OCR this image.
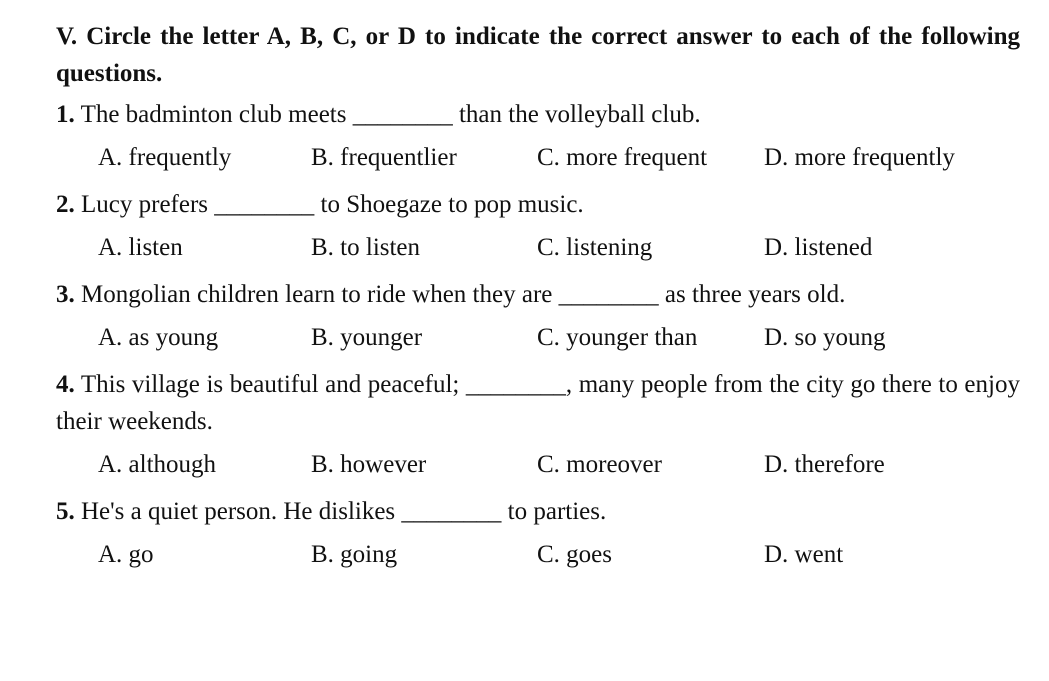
V. Circle the letter A, B, C, or D to indicate the correct answer to each of the following questions.

1. The badminton club meets ________ than the volleyball club.

A. frequently	B. frequentlier	C. more frequent	D. more frequently

2. Lucy prefers ________ to Shoegaze to pop music.

A. listen	B. to listen	C. listening	D. listened

3. Mongolian children learn to ride when they are ________ as three years old.

A. as young	B. younger	C. younger than	D. so young

4. This village is beautiful and peaceful; ________, many people from the city go there to enjoy their weekends.

A. although	B. however	C. moreover	D. therefore

5. He's a quiet person. He dislikes ________ to parties.

A. go	B. going	C. goes	D. went
